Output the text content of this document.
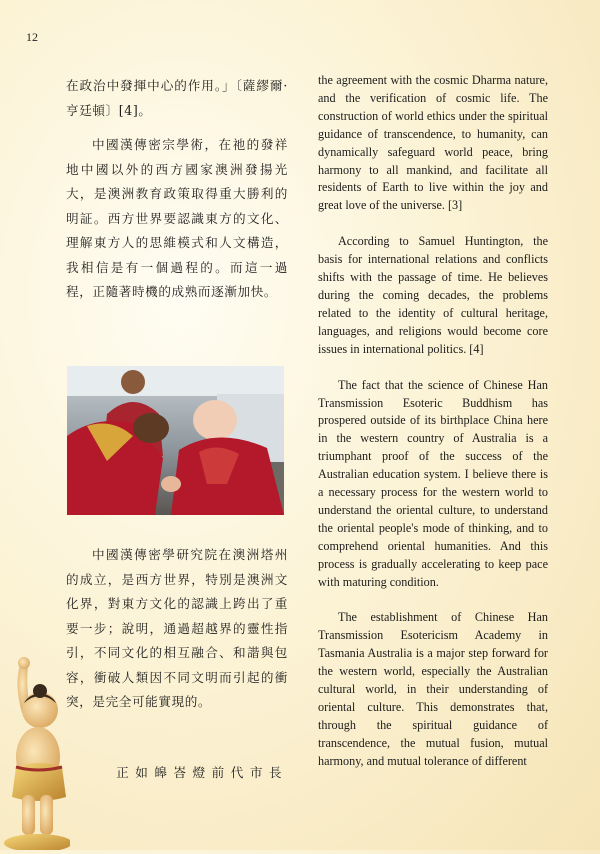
12

在政治中發揮中心的作用。」〔薩繆爾·亨廷頓〕[4]。

中國漢傳密宗學術，在祂的發祥地中國以外的西方國家澳洲發揚光大，是澳洲教育政策取得重大勝利的明証。西方世界要認識東方的文化、理解東方人的思維模式和人文構造，我相信是有一個過程的。而這一過程，正隨著時機的成熟而逐漸加快。

中國漢傳密學研究院在澳洲塔州的成立，是西方世界，特別是澳洲文化界，對東方文化的認識上跨出了重要一步；說明，通過超越界的靈性指引，不同文化的相互融合、和諧與包容，衝破人類因不同文明而引起的衝突，是完全可能實現的。

正如皞峇燈前代市長

the agreement with the cosmic Dharma nature, and the verification of cosmic life. The construction of world ethics under the spiritual guidance of transcendence, to humanity, can dynamically safeguard world peace, bring harmony to all mankind, and facilitate all residents of Earth to live within the joy and great love of the universe. [3]

According to Samuel Huntington, the basis for international relations and conflicts shifts with the passage of time. He believes during the coming decades, the problems related to the identity of cultural heritage, languages, and religions would become core issues in international politics. [4]

The fact that the science of Chinese Han Transmission Esoteric Buddhism has prospered outside of its birthplace China here in the western country of Australia is a triumphant proof of the success of the Australian education system. I believe there is a necessary process for the western world to understand the oriental culture, to understand the oriental people's mode of thinking, and to comprehend oriental humanities. And this process is gradually accelerating to keep pace with maturing condition.

The establishment of Chinese Han Transmission Esotericism Academy in Tasmania Australia is a major step forward for the western world, especially the Australian cultural world, in their understanding of oriental culture. This demonstrates that, through the spiritual guidance of transcendence, the mutual fusion, mutual harmony, and mutual tolerance of different
